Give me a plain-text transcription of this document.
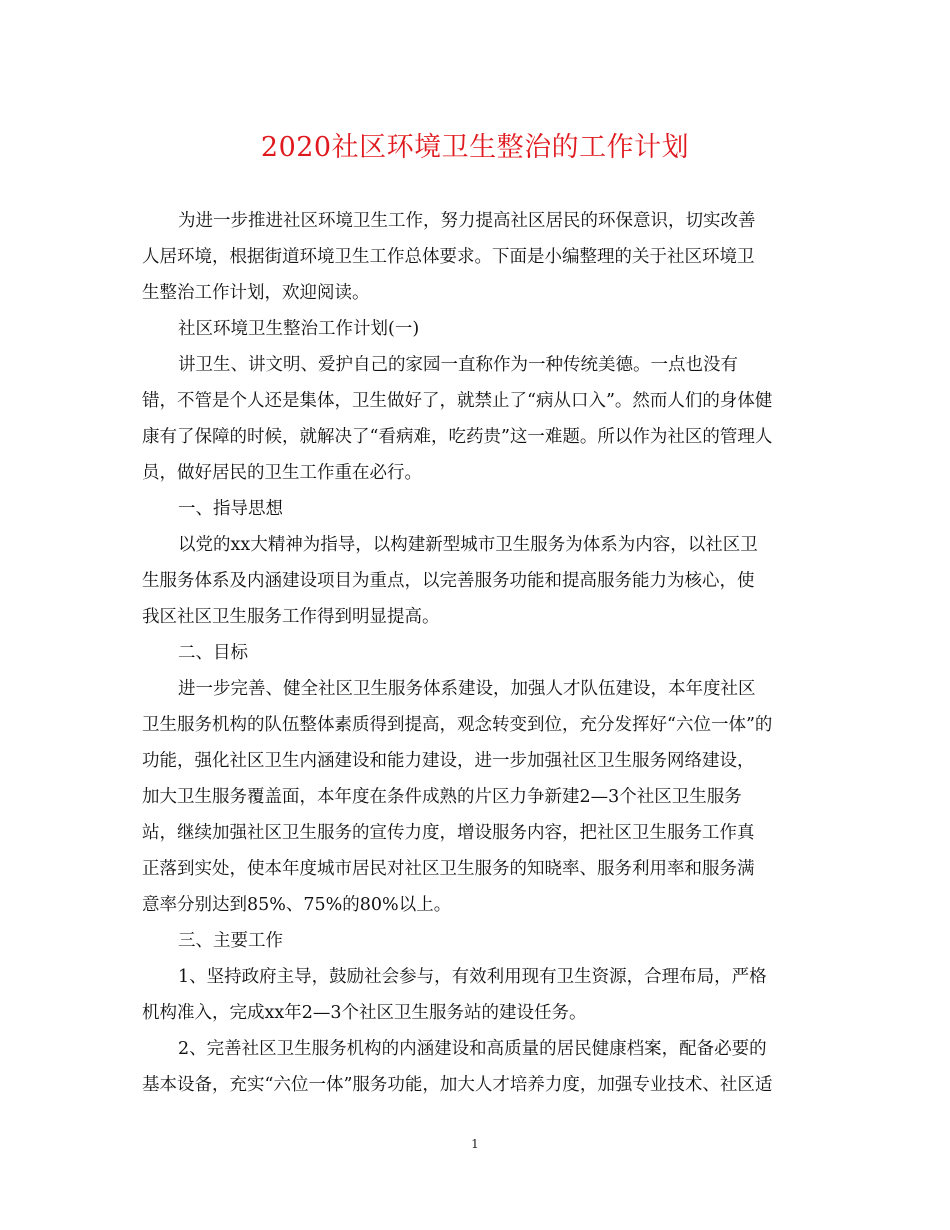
2020社区环境卫生整治的工作计划
为进一步推进社区环境卫生工作，努力提高社区居民的环保意识，切实改善
人居环境，根据街道环境卫生工作总体要求。下面是小编整理的关于社区环境卫
生整治工作计划，欢迎阅读。
社区环境卫生整治工作计划(一)
讲卫生、讲文明、爱护自己的家园一直称作为一种传统美德。一点也没有
错，不管是个人还是集体，卫生做好了，就禁止了“病从口入”。然而人们的身体健
康有了保障的时候，就解决了“看病难，吃药贵”这一难题。所以作为社区的管理人
员，做好居民的卫生工作重在必行。
一、指导思想
以党的xx大精神为指导，以构建新型城市卫生服务为体系为内容，以社区卫
生服务体系及内涵建设项目为重点，以完善服务功能和提高服务能力为核心，使
我区社区卫生服务工作得到明显提高。
二、目标
进一步完善、健全社区卫生服务体系建设，加强人才队伍建设，本年度社区
卫生服务机构的队伍整体素质得到提高，观念转变到位，充分发挥好“六位一体”的
功能，强化社区卫生内涵建设和能力建设，进一步加强社区卫生服务网络建设，
加大卫生服务覆盖面，本年度在条件成熟的片区力争新建2—3个社区卫生服务
站，继续加强社区卫生服务的宣传力度，增设服务内容，把社区卫生服务工作真
正落到实处，使本年度城市居民对社区卫生服务的知晓率、服务利用率和服务满
意率分别达到85%、75%的80%以上。
三、主要工作
1、坚持政府主导，鼓励社会参与，有效利用现有卫生资源，合理布局，严格
机构准入，完成xx年2—3个社区卫生服务站的建设任务。
2、完善社区卫生服务机构的内涵建设和高质量的居民健康档案，配备必要的
基本设备，充实“六位一体”服务功能，加大人才培养力度，加强专业技术、社区适
1
